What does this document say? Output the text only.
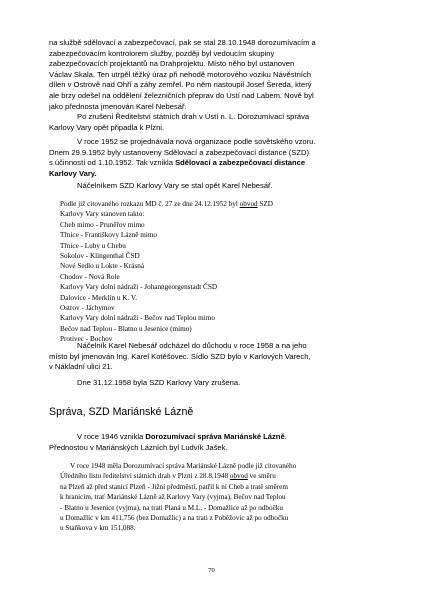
na službě sdělovací a zabezpečovací, pak se stal 28.10.1948 dorozumívacím a
zabezpečovacím kontrolorem služby, později byl vedoucím skupiny
zabezpečovacích projektantů na Drahprojektu. Místo něho byl ustanoven
Václav Skala. Ten utrpěl těžký úraz při nehodě motorového voziku Návěstních
dílen v Ostrově nad Ohří a záhy zemřel. Po něm nastoupil Josef Šereda, který
ale brzy odešel na oddělení železničních přeprav do Ústí nad Labem. Nově byl
jako přednosta jmenován Karel Nebesář.
Po zrušení Ředitelství státních drah v Ústí n. L. Dorozumívací správa
Karlovy Vary opět připadla k Plzni.
V roce 1952 se projednávala nová organizace podle sovětského vzoru.
Dnem 29.9.1952 byly ustanoveny Sdělovací a zabezpečovací distance (SZD)
s účinností od 1.10.1952. Tak vznikla Sdělovací a zabezpečovací distance
Karlovy Vary.
Náčelníkem SZD Karlovy Vary se stal opět Karel Nebesář.
Podle již citovaného rozkazu MD č. 27 ze dne 24.12.1952 byl obvod SZD
Karlovy Vary stanoven takto:
Cheb mimo - Pruněřov mimo
Třnice - Františkovy Lázně mimo
Třnice - Luby u Chebu
Sokolov - Klingenthal ČSD
Nové Sedlo u Lokte - Krásná
Chodov - Nová Role
Karlovy Vary dolní nádraží - Johanngeorgenstadt ČSD
Dalovice - Merklín u K. V.
Ostrov - Jáchymov
Karlovy Vary dolní nádraží - Bečov nad Teplou mimo
Bečov nad Teplou - Blatno u Jesenice (mimo)
Protivec - Bochov
Náčelník Karel Nebesář odcházel do důchodu v roce 1958 a na jeho
místo byl jmenován Ing. Karel Kotěšovec. Sídlo SZD bylo v Karlových Varech,
v Nákladní ulici 21.
Dne 31.12.1958 byla SZD Karlovy Vary zrušena.
Správa, SZD Mariánské Lázně
V roce 1946 vznikla Dorozumívací správa Mariánské Lázně.
Přednostou v Mariánských Lázních byl Ludvík Jašek.
V roce 1948 měla Dorozumívací správa Mariánské Lázně podle již citovaného
Úředního listu ředitelství státních drah v Plzni z 28.8.1948 obvod ve směru
na Plzeň až před stanicí Plzeň - Jižní předměstí, patřil k ní Cheb a tratě směrem
k hranicím, trať Mariánské Lázně až Karlovy Vary (vyjma), Bečov nad Teplou
- Blatno u Jesenice (vyjma), na trati Planá u M.L. - Domažlice až po odbočku
u Domažlic v km 411,756 (bez Domažlic) a na trati z Poběžovic až po odbočku
u Staňkova v km 151,088.
70
